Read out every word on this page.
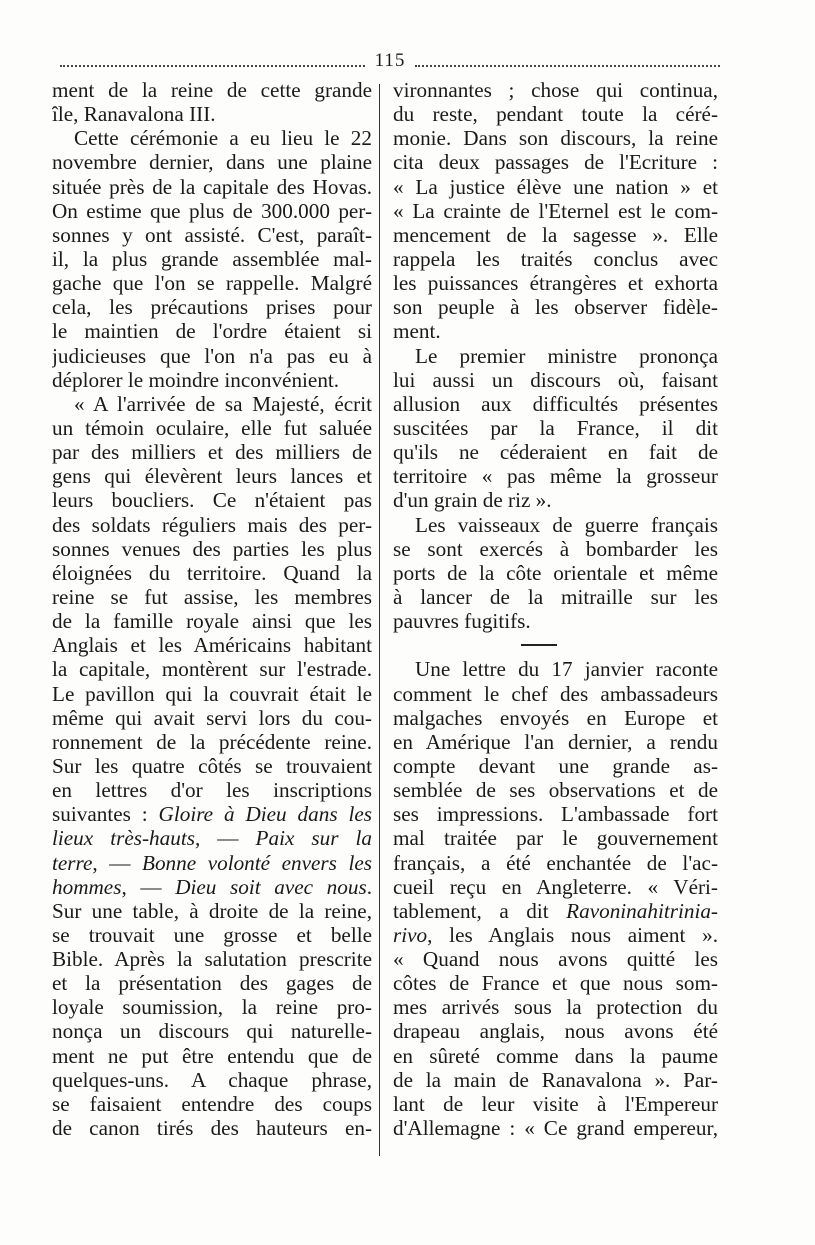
115
ment de la reine de cette grande
île, Ranavalona III.
Cette cérémonie a eu lieu le 22
novembre dernier, dans une plaine
située près de la capitale des Hovas.
On estime que plus de 300.000 per-
sonnes y ont assisté. C'est, paraît-
il, la plus grande assemblée mal-
gache que l'on se rappelle. Malgré
cela, les précautions prises pour
le maintien de l'ordre étaient si
judicieuses que l'on n'a pas eu à
déplorer le moindre inconvénient.
« A l'arrivée de sa Majesté, écrit
un témoin oculaire, elle fut saluée
par des milliers et des milliers de
gens qui élevèrent leurs lances et
leurs boucliers. Ce n'étaient pas
des soldats réguliers mais des per-
sonnes venues des parties les plus
éloignées du territoire. Quand la
reine se fut assise, les membres
de la famille royale ainsi que les
Anglais et les Américains habitant
la capitale, montèrent sur l'estrade.
Le pavillon qui la couvrait était le
même qui avait servi lors du cou-
ronnement de la précédente reine.
Sur les quatre côtés se trouvaient
en lettres d'or les inscriptions
suivantes : Gloire à Dieu dans les
lieux très-hauts, — Paix sur la
terre, — Bonne volonté envers les
hommes, — Dieu soit avec nous.
Sur une table, à droite de la reine,
se trouvait une grosse et belle
Bible. Après la salutation prescrite
et la présentation des gages de
loyale soumission, la reine pro-
nonça un discours qui naturelle-
ment ne put être entendu que de
quelques-uns. A chaque phrase,
se faisaient entendre des coups
de canon tirés des hauteurs en-
vironnantes ; chose qui continua,
du reste, pendant toute la céré-
monie. Dans son discours, la reine
cita deux passages de l'Ecriture :
« La justice élève une nation » et
« La crainte de l'Eternel est le com-
mencement de la sagesse ». Elle
rappela les traités conclus avec
les puissances étrangères et exhorta
son peuple à les observer fidèle-
ment.
Le premier ministre prononça
lui aussi un discours où, faisant
allusion aux difficultés présentes
suscitées par la France, il dit
qu'ils ne céderaient en fait de
territoire « pas même la grosseur
d'un grain de riz ».
Les vaisseaux de guerre français
se sont exercés à bombarder les
ports de la côte orientale et même
à lancer de la mitraille sur les
pauvres fugitifs.
Une lettre du 17 janvier raconte
comment le chef des ambassadeurs
malgaches envoyés en Europe et
en Amérique l'an dernier, a rendu
compte devant une grande as-
semblée de ses observations et de
ses impressions. L'ambassade fort
mal traitée par le gouvernement
français, a été enchantée de l'ac-
cueil reçu en Angleterre. « Véri-
tablement, a dit Ravoninahitrinia-
rivo, les Anglais nous aiment ».
« Quand nous avons quitté les
côtes de France et que nous som-
mes arrivés sous la protection du
drapeau anglais, nous avons été
en sûreté comme dans la paume
de la main de Ranavalona ». Par-
lant de leur visite à l'Empereur
d'Allemagne : « Ce grand empereur,
